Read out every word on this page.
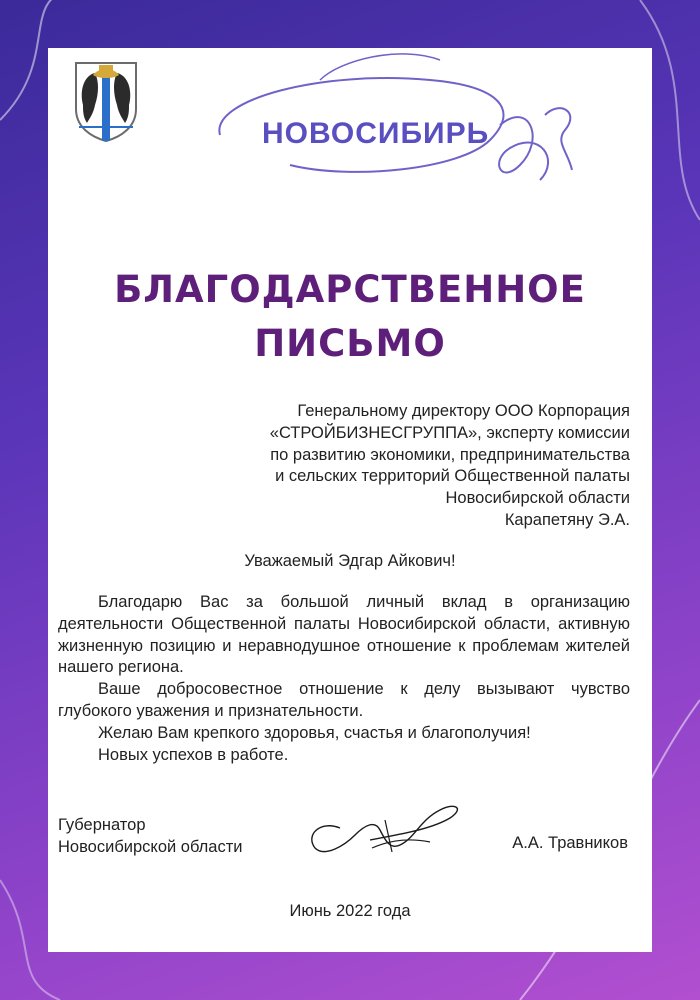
НОВОСИБИРЬ
БЛАГОДАРСТВЕННОЕ
ПИСЬМО
Генеральному директору ООО Корпорация
«СТРОЙБИЗНЕСГРУППА», эксперту комиссии
по развитию экономики, предпринимательства
и сельских территорий Общественной палаты
Новосибирской области
Карапетяну Э.А.
Уважаемый Эдгар Айкович!

Благодарю Вас за большой личный вклад в организацию деятельности Общественной палаты Новосибирской области, активную жизненную позицию и неравнодушное отношение к проблемам жителей нашего региона.

Ваше добросовестное отношение к делу вызывают чувство глубокого уважения и признательности.

Желаю Вам крепкого здоровья, счастья и благополучия!

Новых успехов в работе.

Губернатор
Новосибирской области	А.А. Травников
Июнь 2022 года
